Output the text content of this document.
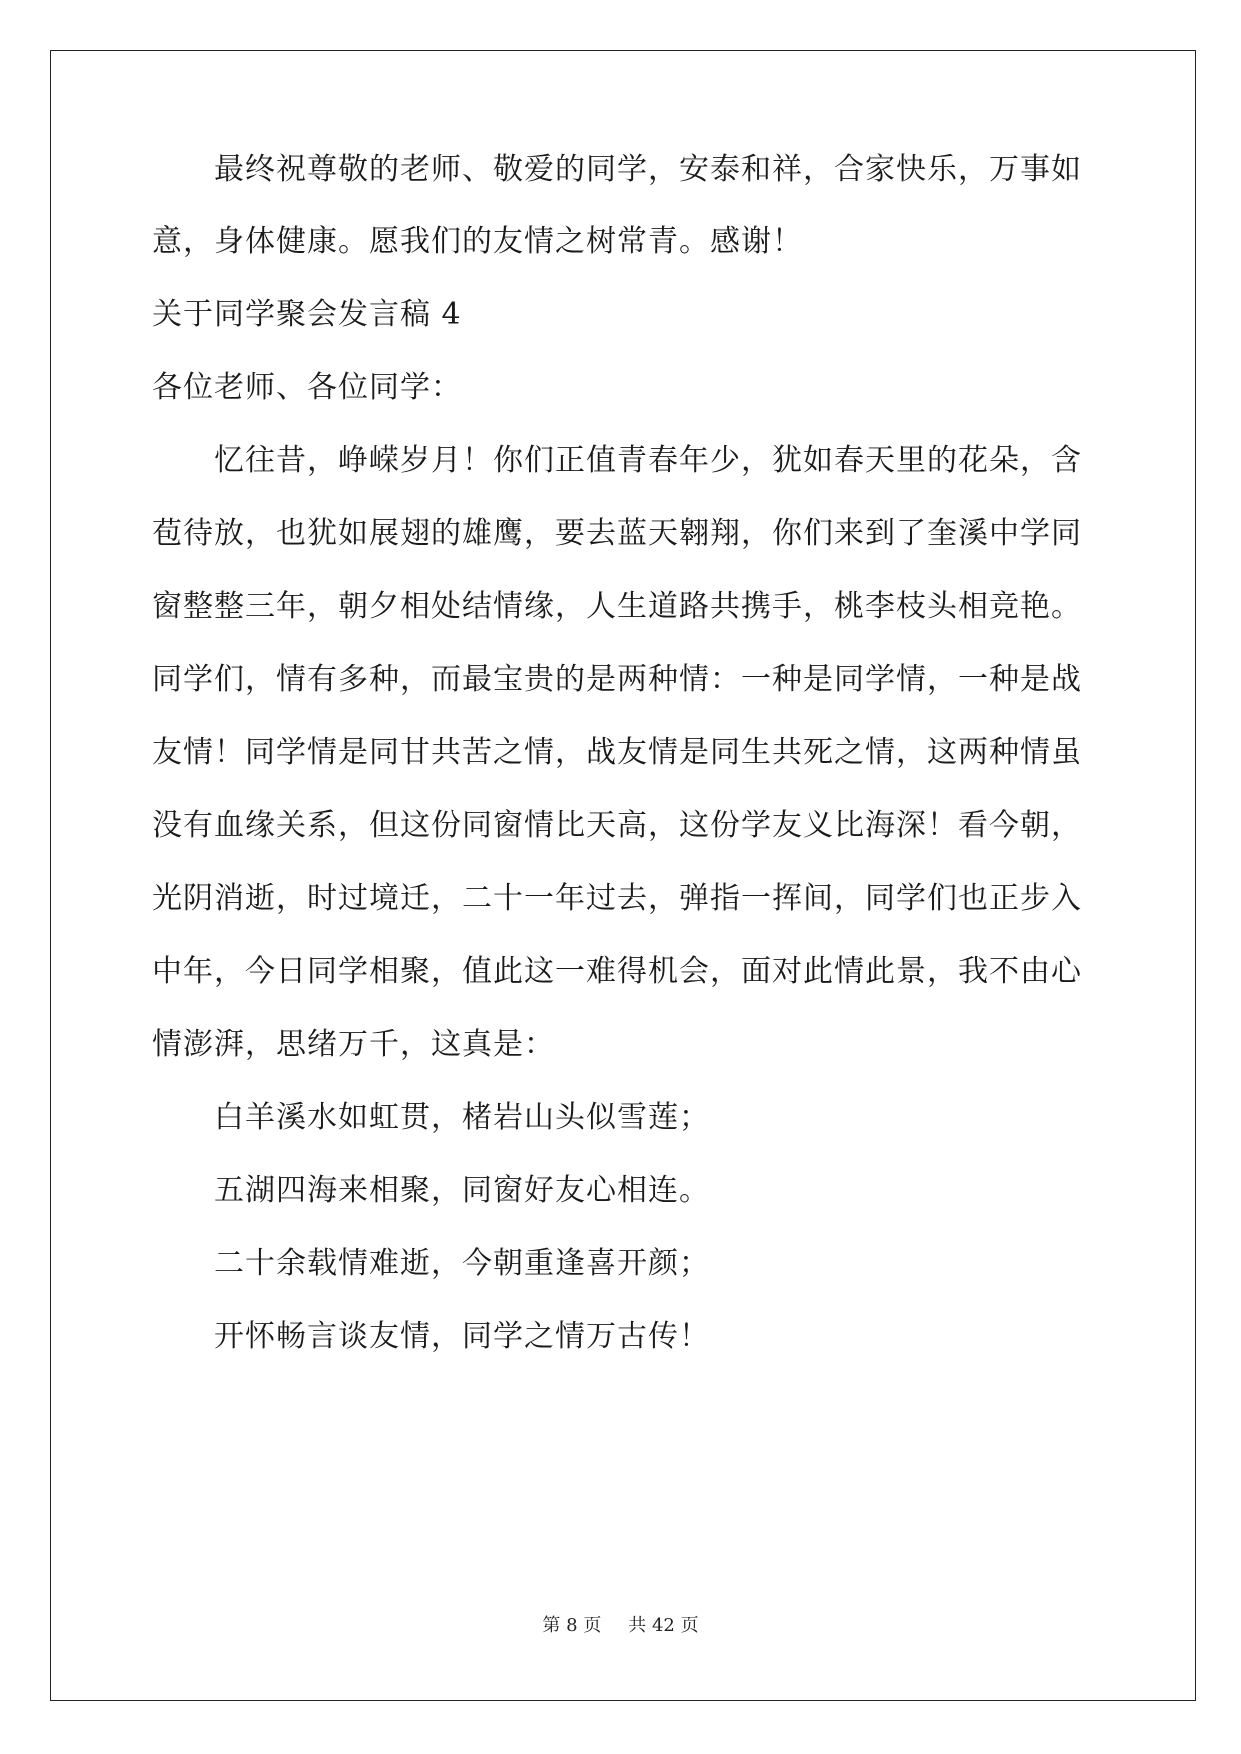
最终祝尊敬的老师、敬爱的同学，安泰和祥，合家快乐，万事如
意，身体健康。愿我们的友情之树常青。感谢！
关于同学聚会发言稿 4
各位老师、各位同学：
忆往昔，峥嵘岁月！你们正值青春年少，犹如春天里的花朵，含
苞待放，也犹如展翅的雄鹰，要去蓝天翱翔，你们来到了奎溪中学同
窗整整三年，朝夕相处结情缘，人生道路共携手，桃李枝头相竞艳。
同学们，情有多种，而最宝贵的是两种情：一种是同学情，一种是战
友情！同学情是同甘共苦之情，战友情是同生共死之情，这两种情虽
没有血缘关系，但这份同窗情比天高，这份学友义比海深！看今朝，
光阴消逝，时过境迁，二十一年过去，弹指一挥间，同学们也正步入
中年，今日同学相聚，值此这一难得机会，面对此情此景，我不由心
情澎湃，思绪万千，这真是：
白羊溪水如虹贯，楮岩山头似雪莲；
五湖四海来相聚，同窗好友心相连。
二十余载情难逝，今朝重逢喜开颜；
开怀畅言谈友情，同学之情万古传！
第 8 页 共 42 页
